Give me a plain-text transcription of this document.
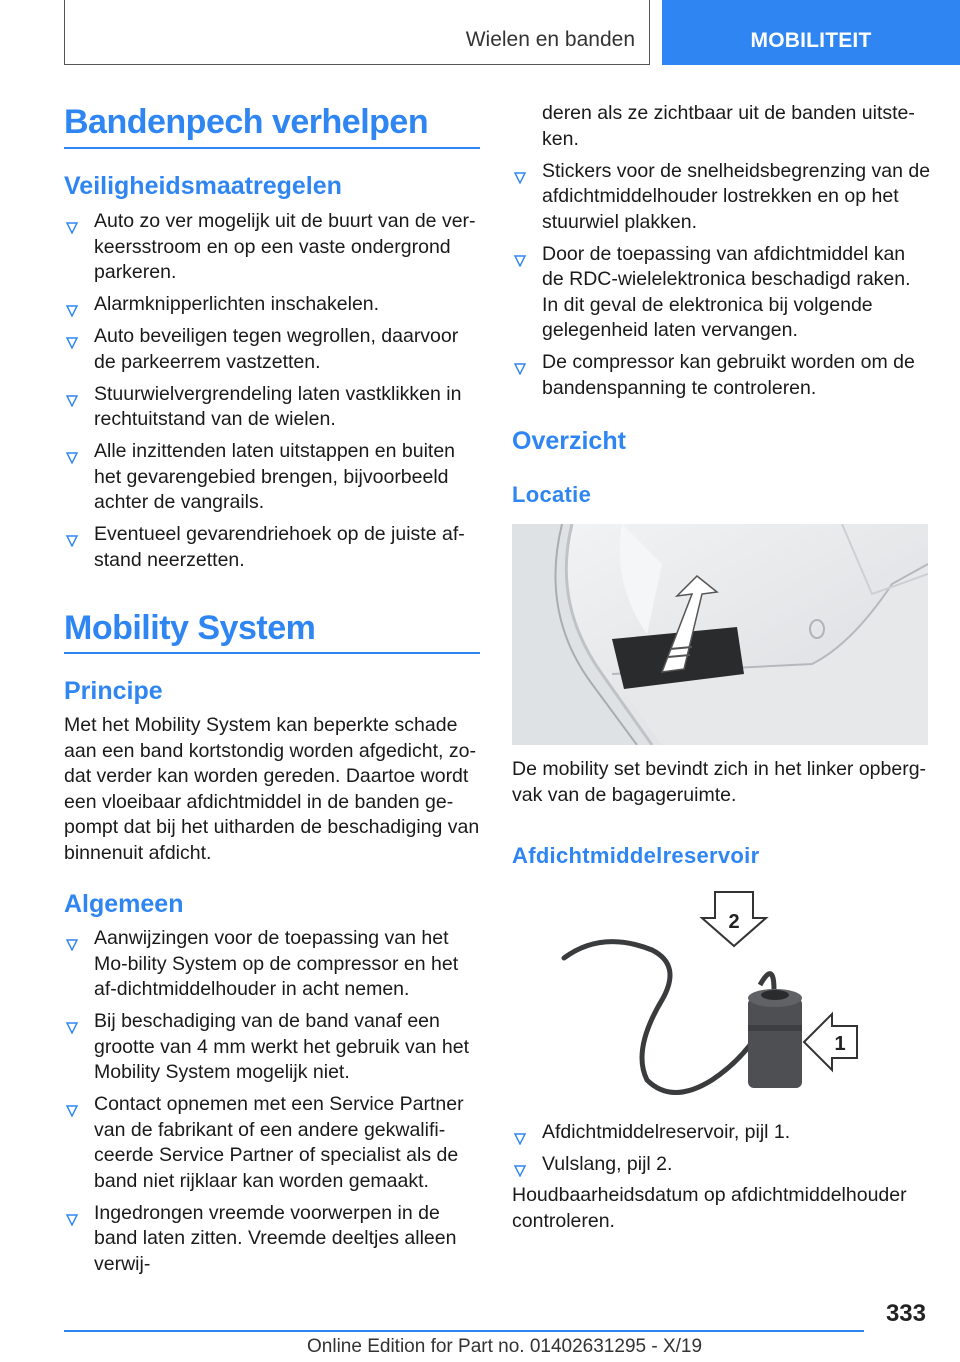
Wielen en banden	MOBILITEIT
Bandenpech verhelpen
Veiligheidsmaatregelen
Auto zo ver mogelijk uit de buurt van de ver-keersstroom en op een vaste ondergrond parkeren.
Alarmknipperlichten inschakelen.
Auto beveiligen tegen wegrollen, daarvoor de parkeerrem vastzetten.
Stuurwielvergrendeling laten vastklikken in rechtuitstand van de wielen.
Alle inzittenden laten uitstappen en buiten het gevarengebied brengen, bijvoorbeeld achter de vangrails.
Eventueel gevarendriehoek op de juiste af-stand neerzetten.
Mobility System
Principe

Met het Mobility System kan beperkte schade aan een band kortstondig worden afgedicht, zo-dat verder kan worden gereden. Daartoe wordt een vloeibaar afdichtmiddel in de banden ge-pompt dat bij het uitharden de beschadiging van binnenuit afdicht.

Algemeen
Aanwijzingen voor de toepassing van het Mo-bility System op de compressor en het af-dichtmiddelhouder in acht nemen.
Bij beschadiging van de band vanaf een grootte van 4 mm werkt het gebruik van het Mobility System mogelijk niet.
Contact opnemen met een Service Partner van de fabrikant of een andere gekwalifi-ceerde Service Partner of specialist als de band niet rijklaar kan worden gemaakt.
Ingedrongen vreemde voorwerpen in de band laten zitten. Vreemde deeltjes alleen verwij-
deren als ze zichtbaar uit de banden uitste-ken.
Stickers voor de snelheidsbegrenzing van de afdichtmiddelhouder lostrekken en op het stuurwiel plakken.
Door de toepassing van afdichtmiddel kan de RDC-wielelektronica beschadigd raken. In dit geval de elektronica bij volgende gelegenheid laten vervangen.
De compressor kan gebruikt worden om de bandenspanning te controleren.
Overzicht
Locatie

De mobility set bevindt zich in het linker opberg-vak van de bagageruimte.

Afdichtmiddelreservoir
2
1
Afdichtmiddelreservoir, pijl 1.
Vulslang, pijl 2.

Houdbaarheidsdatum op afdichtmiddelhouder controleren.

333
Online Edition for Part no. 01402631295 - X/19
